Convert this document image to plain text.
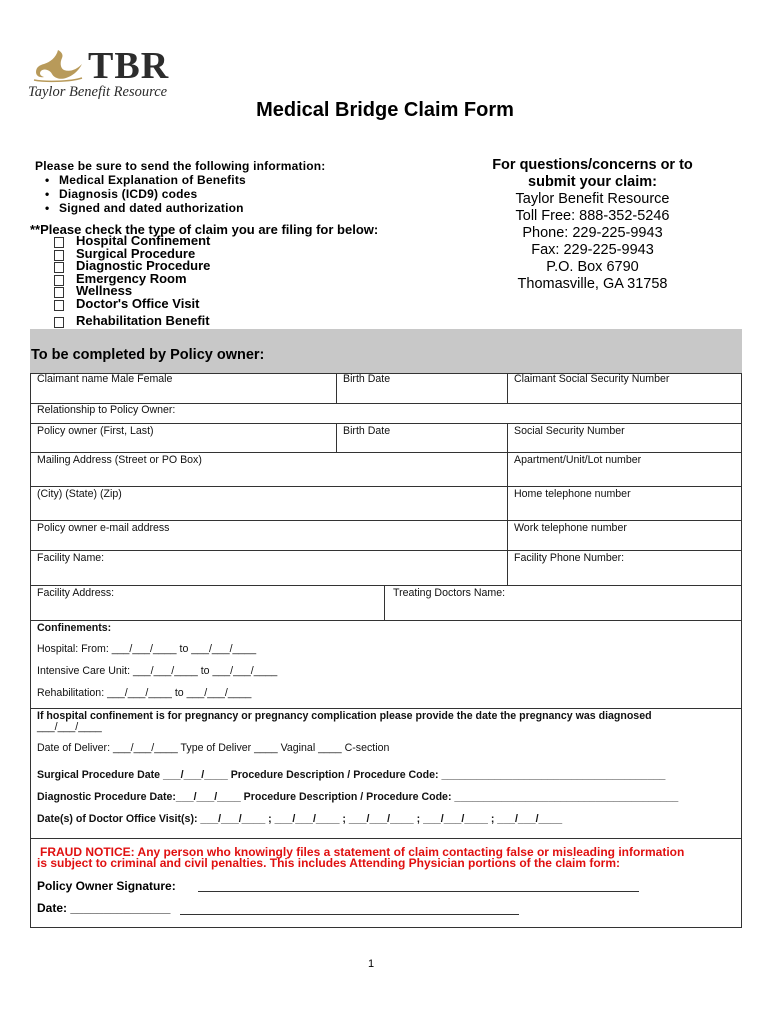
TBR
Taylor Benefit Resource
Medical Bridge Claim Form
Please be sure to send the following information:
• Medical Explanation of Benefits
• Diagnosis (ICD9) codes
• Signed and dated authorization
**Please check the type of claim you are filing for below:
Hospital Confinement
Surgical Procedure
Diagnostic Procedure
Emergency Room
Wellness
Doctor's Office Visit
Rehabilitation Benefit
For questions/concerns or to
submit your claim:
Taylor Benefit Resource
Toll Free: 888-352-5246
Phone: 229-225-9943
Fax: 229-225-9943
P.O. Box 6790
Thomasville, GA 31758
To be completed by Policy owner:
Claimant name Male Female	Birth Date	Claimant Social Security Number
Relationship to Policy Owner:
Policy owner (First, Last)	Birth Date	Social Security Number
Mailing Address (Street or PO Box)	Apartment/Unit/Lot number
(City) (State) (Zip)	Home telephone number
Policy owner e-mail address	Work telephone number
Facility Name:	Facility Phone Number:
Facility Address:	Treating Doctors Name:
Confinements:
Hospital: From: ___/___/____ to ___/___/____
Intensive Care Unit: ___/___/____ to ___/___/____
Rehabilitation: ___/___/____ to ___/___/____
If hospital confinement is for pregnancy or pregnancy complication please provide the date the pregnancy was diagnosed
___/___/____
Date of Deliver: ___/___/____ Type of Deliver ____ Vaginal ____ C-section
Surgical Procedure Date ___/___/____ Procedure Description / Procedure Code: ______________________________________
Diagnostic Procedure Date:___/___/____ Procedure Description / Procedure Code: ______________________________________
Date(s) of Doctor Office Visit(s): ___/___/____ ; ___/___/____ ; ___/___/____ ; ___/___/____ ; ___/___/____
FRAUD NOTICE: Any person who knowingly files a statement of claim contacting false or misleading information
is subject to criminal and civil penalties. This includes Attending Physician portions of the claim form:
Policy Owner Signature:
Date: _______________
1
